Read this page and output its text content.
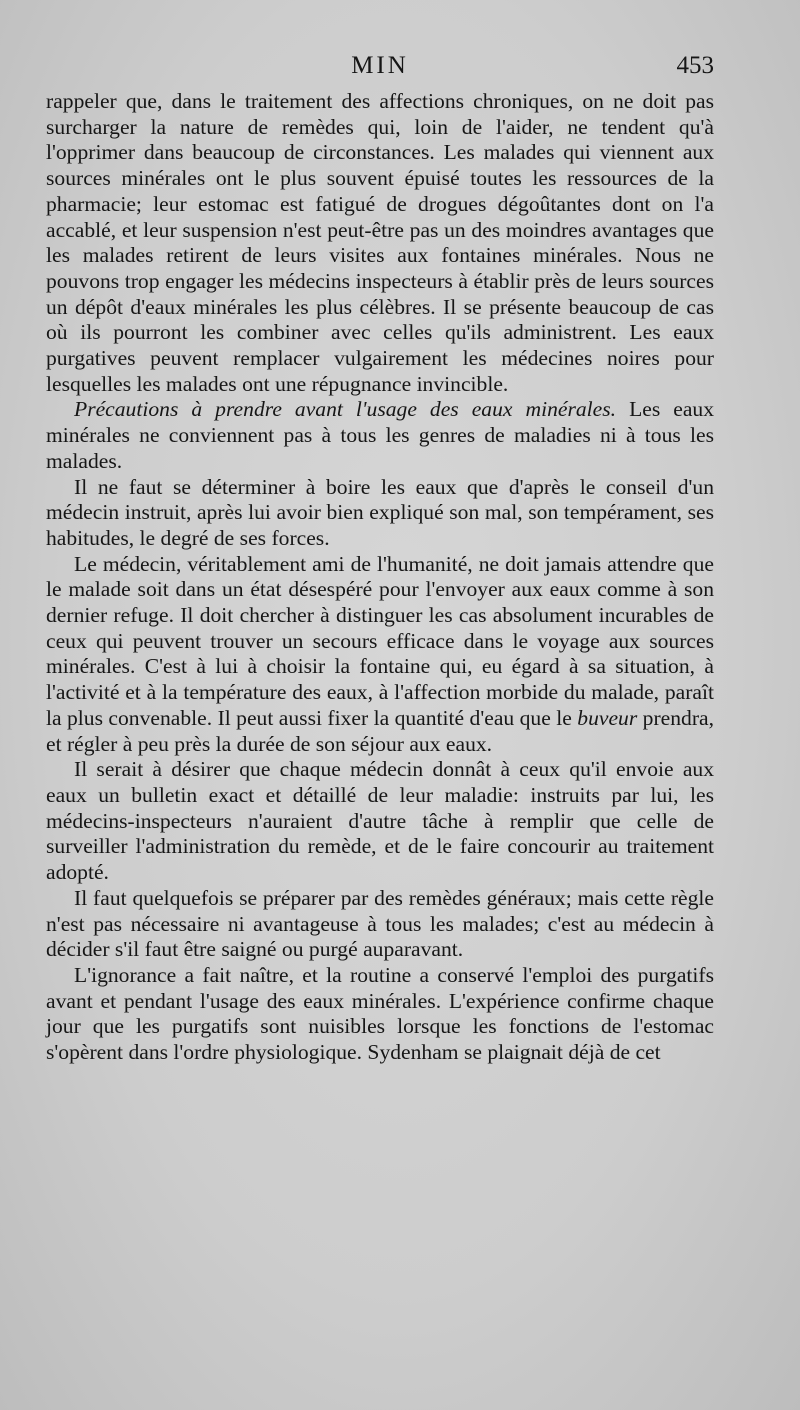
MIN	453

rappeler que, dans le traitement des affections chroniques, on ne doit pas surcharger la nature de remèdes qui, loin de l'aider, ne tendent qu'à l'opprimer dans beaucoup de circonstances. Les malades qui viennent aux sources minérales ont le plus souvent épuisé toutes les ressources de la pharmacie; leur estomac est fatigué de drogues dégoûtantes dont on l'a accablé, et leur suspension n'est peut-être pas un des moindres avantages que les malades retirent de leurs visites aux fontaines minérales. Nous ne pouvons trop engager les médecins inspecteurs à établir près de leurs sources un dépôt d'eaux minérales les plus célèbres. Il se présente beaucoup de cas où ils pourront les combiner avec celles qu'ils administrent. Les eaux purgatives peuvent remplacer vulgairement les médecines noires pour lesquelles les malades ont une répugnance invincible.

Précautions à prendre avant l'usage des eaux minérales. Les eaux minérales ne conviennent pas à tous les genres de maladies ni à tous les malades.

Il ne faut se déterminer à boire les eaux que d'après le conseil d'un médecin instruit, après lui avoir bien expliqué son mal, son tempérament, ses habitudes, le degré de ses forces.

Le médecin, véritablement ami de l'humanité, ne doit jamais attendre que le malade soit dans un état désespéré pour l'envoyer aux eaux comme à son dernier refuge. Il doit chercher à distinguer les cas absolument incurables de ceux qui peuvent trouver un secours efficace dans le voyage aux sources minérales. C'est à lui à choisir la fontaine qui, eu égard à sa situation, à l'activité et à la température des eaux, à l'affection morbide du malade, paraît la plus convenable. Il peut aussi fixer la quantité d'eau que le buveur prendra, et régler à peu près la durée de son séjour aux eaux.

Il serait à désirer que chaque médecin donnât à ceux qu'il envoie aux eaux un bulletin exact et détaillé de leur maladie: instruits par lui, les médecins-inspecteurs n'auraient d'autre tâche à remplir que celle de surveiller l'administration du remède, et de le faire concourir au traitement adopté.

Il faut quelquefois se préparer par des remèdes généraux; mais cette règle n'est pas nécessaire ni avantageuse à tous les malades; c'est au médecin à décider s'il faut être saigné ou purgé auparavant.

L'ignorance a fait naître, et la routine a conservé l'emploi des purgatifs avant et pendant l'usage des eaux minérales. L'expérience confirme chaque jour que les purgatifs sont nuisibles lorsque les fonctions de l'estomac s'opèrent dans l'ordre physiologique. Sydenham se plaignait déjà de cet
